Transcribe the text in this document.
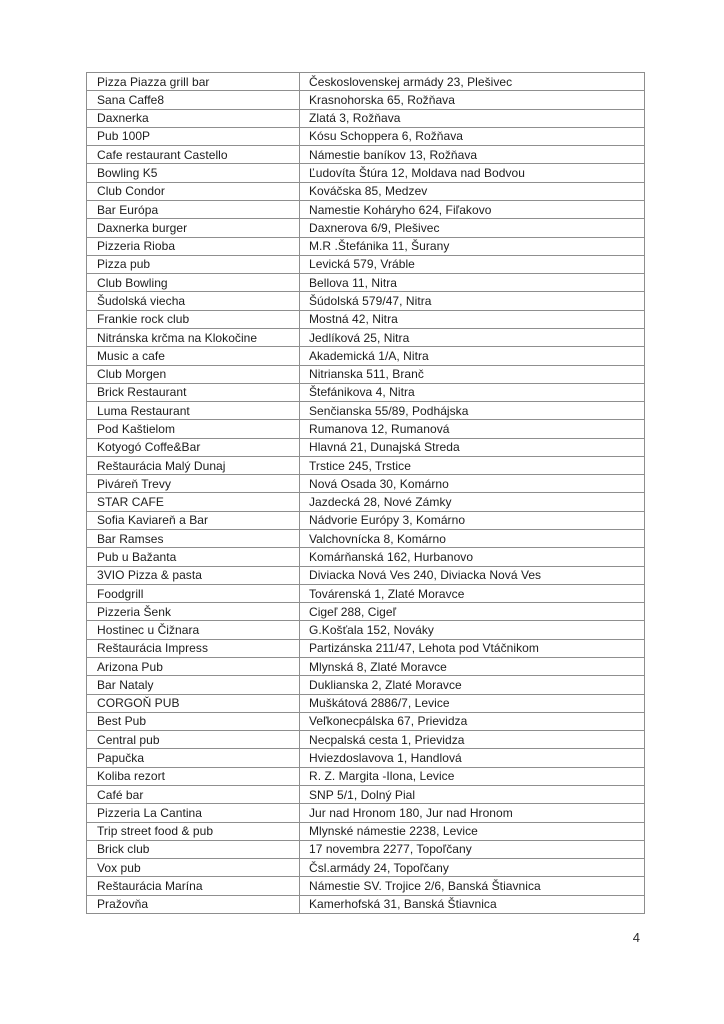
Pizza Piazza grill bar	Československej armády 23, Plešivec
Sana Caffe8	Krasnohorska 65, Rožňava
Daxnerka	Zlatá 3, Rožňava
Pub 100P	Kósu Schoppera 6, Rožňava
Cafe restaurant Castello	Námestie baníkov 13, Rožňava
Bowling K5	Ľudovíta Štúra 12, Moldava nad Bodvou
Club Condor	Kováčska 85, Medzev
Bar Európa	Namestie Koháryho 624, Fiľakovo
Daxnerka burger	Daxnerova 6/9, Plešivec
Pizzeria Rioba	M.R .Štefánika 11, Šurany
Pizza pub	Levická 579, Vráble
Club Bowling	Bellova 11, Nitra
Šudolská viecha	Šúdolská 579/47, Nitra
Frankie rock club	Mostná 42, Nitra
Nitránska krčma na Klokočine	Jedlíková 25, Nitra
Music a cafe	Akademická 1/A, Nitra
Club Morgen	Nitrianska 511, Branč
Brick Restaurant	Štefánikova 4, Nitra
Luma Restaurant	Senčianska 55/89, Podhájska
Pod Kaštielom	Rumanova 12, Rumanová
Kotyogó Coffe&Bar	Hlavná 21, Dunajská Streda
Reštaurácia Malý Dunaj	Trstice 245, Trstice
Piváreň Trevy	Nová Osada 30, Komárno
STAR CAFE	Jazdecká 28, Nové Zámky
Sofia Kaviareň a Bar	Nádvorie Európy 3, Komárno
Bar Ramses	Valchovnícka 8, Komárno
Pub u Bažanta	Komárňanská 162, Hurbanovo
3VIO Pizza & pasta	Diviacka Nová Ves 240, Diviacka Nová Ves
Foodgrill	Továrenská 1, Zlaté Moravce
Pizzeria Šenk	Cigeľ 288, Cigeľ
Hostinec u Čižnara	G.Košťala 152, Nováky
Reštaurácia Impress	Partizánska 211/47, Lehota pod Vtáčnikom
Arizona Pub	Mlynská 8, Zlaté Moravce
Bar Nataly	Duklianska 2, Zlaté Moravce
CORGOŇ PUB	Muškátová 2886/7, Levice
Best Pub	Veľkonecpálska 67, Prievidza
Central pub	Necpalská cesta 1, Prievidza
Papučka	Hviezdoslavova 1, Handlová
Koliba rezort	R. Z. Margita -Ilona, Levice
Café bar	SNP 5/1, Dolný Pial
Pizzeria La Cantina	Jur nad Hronom 180, Jur nad Hronom
Trip street food & pub	Mlynské námestie 2238, Levice
Brick club	17 novembra 2277, Topoľčany
Vox pub	Čsl.armády 24, Topoľčany
Reštaurácia Marína	Námestie SV. Trojice 2/6, Banská Štiavnica
Pražovňa	Kamerhofská 31, Banská Štiavnica
4
